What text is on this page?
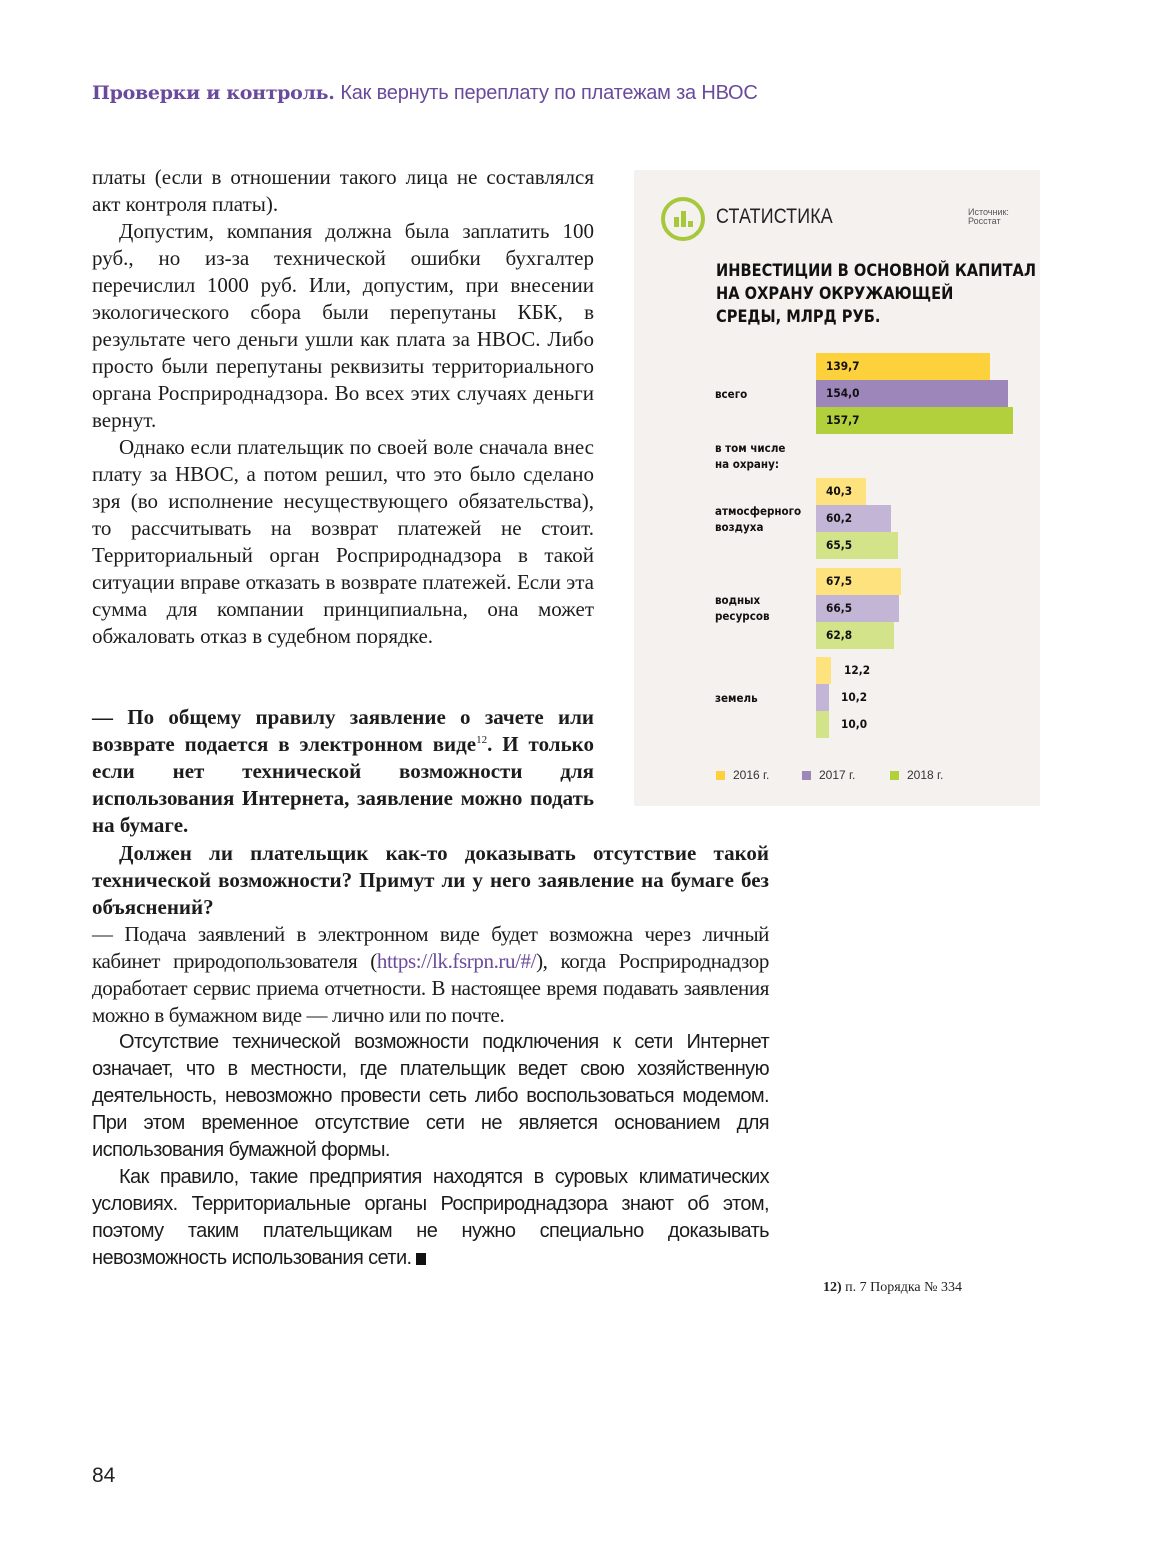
Проверки и контроль. Как вернуть переплату по платежам за НВОС

платы (если в отношении такого лица не составлялся акт контроля платы).

Допустим, компания должна была заплатить 100 руб., но из-за технической ошибки бухгалтер перечислил 1000 руб. Или, допустим, при внесении экологического сбора были перепутаны КБК, в результате чего деньги ушли как плата за НВОС. Либо просто были перепутаны реквизиты территориального органа Росприроднадзора. Во всех этих случаях деньги вернут.

Однако если плательщик по своей воле сначала внес плату за НВОС, а потом решил, что это было сделано зря (во исполнение несуществующего обязательства), то рассчитывать на возврат платежей не стоит. Территориальный орган Росприроднадзора в такой ситуации вправе отказать в возврате платежей. Если эта сумма для компании принципиальна, она может обжаловать отказ в судебном порядке.

— По общему правилу заявление о зачете или возврате подается в электронном виде$^{12}$. И только если нет технической возможности для использования Интернета, заявление можно подать на бумаге.

Должен ли плательщик как-то доказывать отсутствие такой технической возможности? Примут ли у него заявление на бумаге без объяснений?

— Подача заявлений в электронном виде будет возможна через личный кабинет природопользователя (https://lk.fsrpn.ru/#/), когда Росприроднадзор доработает сервис приема отчетности. В настоящее время подавать заявления можно в бумажном виде — лично или по почте.

Отсутствие технической возможности подключения к сети Интернет означает, что в местности, где плательщик ведет свою хозяйственную деятельность, невозможно провести сеть либо воспользоваться модемом. При этом временное отсутствие сети не является основанием для использования бумажной формы.

Как правило, такие предприятия находятся в суровых климатических условиях. Территориальные органы Росприроднадзора знают об этом, поэтому таким плательщикам не нужно специально доказывать невозможность использования сети.

СТАТИСТИКА	Источник:
Росстат
ИНВЕСТИЦИИ В ОСНОВНОЙ КАПИТАЛ
НА ОХРАНУ ОКРУЖАЮЩЕЙ
СРЕДЫ, МЛРД РУБ.
всего
139,7
154,0
157,7
в том числе
на охрану:
атмосферного
воздуха
40,3
60,2
65,5
водных
ресурсов
67,5
66,5
62,8
земель
12,2
10,2
10,0
2016 г.	2017 г.	2018 г.
12) п. 7 Порядка № 334
84
